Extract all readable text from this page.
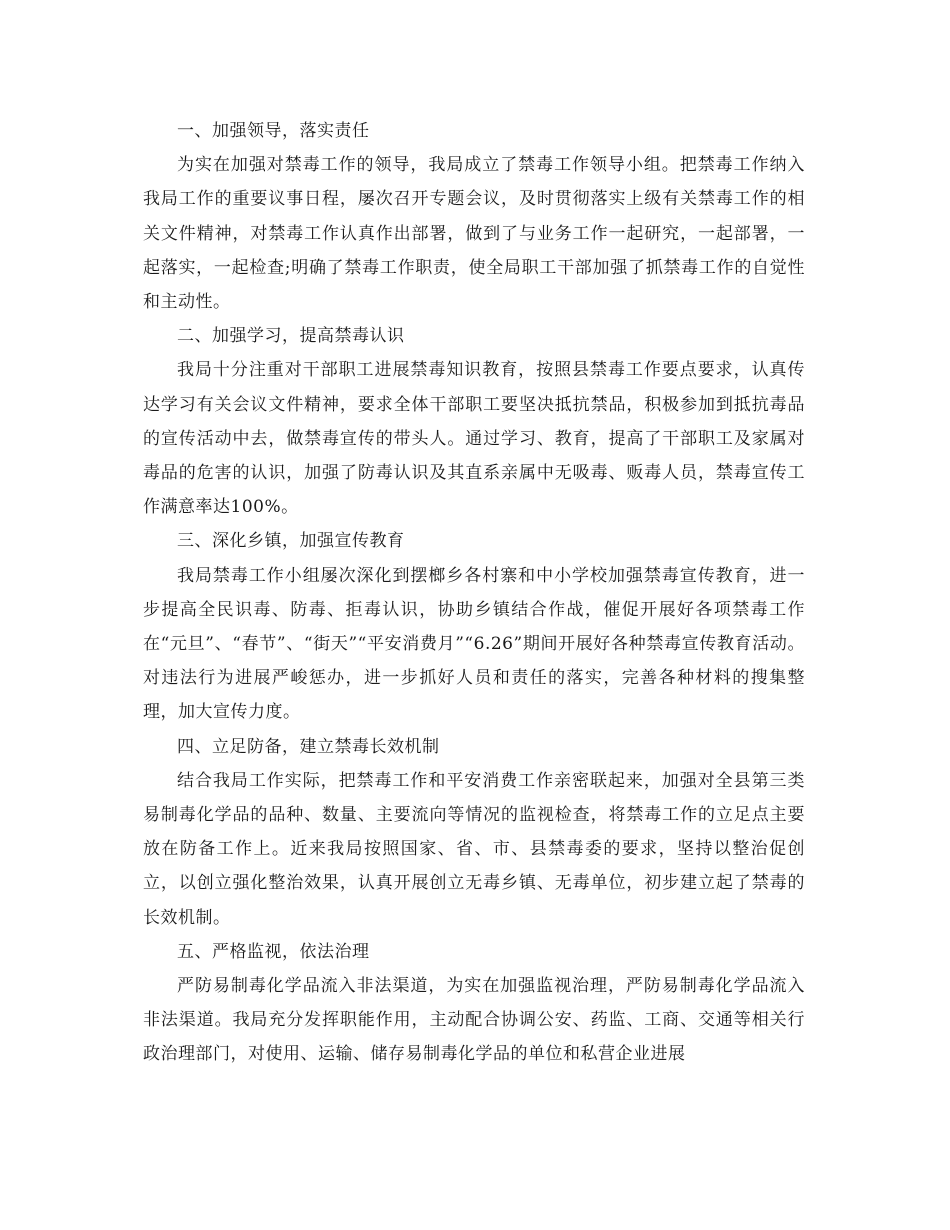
一、加强领导，落实责任

为实在加强对禁毒工作的领导，我局成立了禁毒工作领导小组。把禁毒工作纳入我局工作的重要议事日程，屡次召开专题会议，及时贯彻落实上级有关禁毒工作的相关文件精神，对禁毒工作认真作出部署，做到了与业务工作一起研究，一起部署，一起落实，一起检查;明确了禁毒工作职责，使全局职工干部加强了抓禁毒工作的自觉性和主动性。

二、加强学习，提高禁毒认识

我局十分注重对干部职工进展禁毒知识教育，按照县禁毒工作要点要求，认真传达学习有关会议文件精神，要求全体干部职工要坚决抵抗禁品，积极参加到抵抗毒品的宣传活动中去，做禁毒宣传的带头人。通过学习、教育，提高了干部职工及家属对毒品的危害的认识，加强了防毒认识及其直系亲属中无吸毒、贩毒人员，禁毒宣传工作满意率达100%。

三、深化乡镇，加强宣传教育

我局禁毒工作小组屡次深化到摆榔乡各村寨和中小学校加强禁毒宣传教育，进一步提高全民识毒、防毒、拒毒认识，协助乡镇结合作战，催促开展好各项禁毒工作在“元旦”、“春节”、“街天”“平安消费月”“6.26”期间开展好各种禁毒宣传教育活动。对违法行为进展严峻惩办，进一步抓好人员和责任的落实，完善各种材料的搜集整理，加大宣传力度。

四、立足防备，建立禁毒长效机制

结合我局工作实际，把禁毒工作和平安消费工作亲密联起来，加强对全县第三类易制毒化学品的品种、数量、主要流向等情况的监视检查，将禁毒工作的立足点主要放在防备工作上。近来我局按照国家、省、市、县禁毒委的要求，坚持以整治促创立，以创立强化整治效果，认真开展创立无毒乡镇、无毒单位，初步建立起了禁毒的长效机制。

五、严格监视，依法治理

严防易制毒化学品流入非法渠道，为实在加强监视治理，严防易制毒化学品流入非法渠道。我局充分发挥职能作用，主动配合协调公安、药监、工商、交通等相关行政治理部门，对使用、运输、储存易制毒化学品的单位和私营企业进展
